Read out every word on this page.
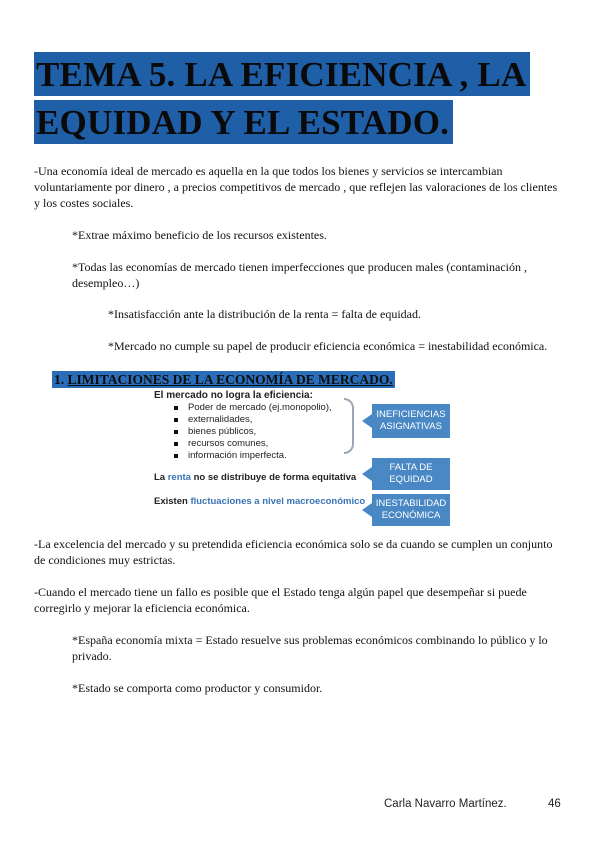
TEMA 5. LA EFICIENCIA , LA
EQUIDAD Y EL ESTADO.
-Una economía ideal de mercado es aquella en la que todos los bienes y servicios se intercambian voluntariamente por dinero , a precios competitivos de mercado , que reflejen las valoraciones de los clientes y los costes sociales.
*Extrae máximo beneficio de los recursos existentes.
*Todas las economías de mercado tienen imperfecciones que producen males (contaminación , desempleo…)
*Insatisfacción ante la distribución de la renta = falta de equidad.
*Mercado no cumple su papel de producir eficiencia económica = inestabilidad económica.
1. LIMITACIONES DE LA ECONOMÍA DE MERCADO.
El mercado no logra la eficiencia:
Poder de mercado (ej.monopolio),
externalidades,
bienes públicos,
recursos comunes,
información imperfecta.
INEFICIENCIAS
ASIGNATIVAS
La renta no se distribuye de forma equitativa
FALTA DE
EQUIDAD
Existen fluctuaciones a nivel macroeconómico INESTABILIDAD
ECONÓMICA
-La excelencia del mercado y su pretendida eficiencia económica solo se da cuando se cumplen un conjunto de condiciones muy estrictas.
-Cuando el mercado tiene un fallo es posible que el Estado tenga algún papel que desempeñar si puede corregirlo y mejorar la eficiencia económica.
*España economía mixta = Estado resuelve sus problemas económicos combinando lo público y lo privado.
*Estado se comporta como productor y consumidor.
Carla Navarro Martínez.	46
